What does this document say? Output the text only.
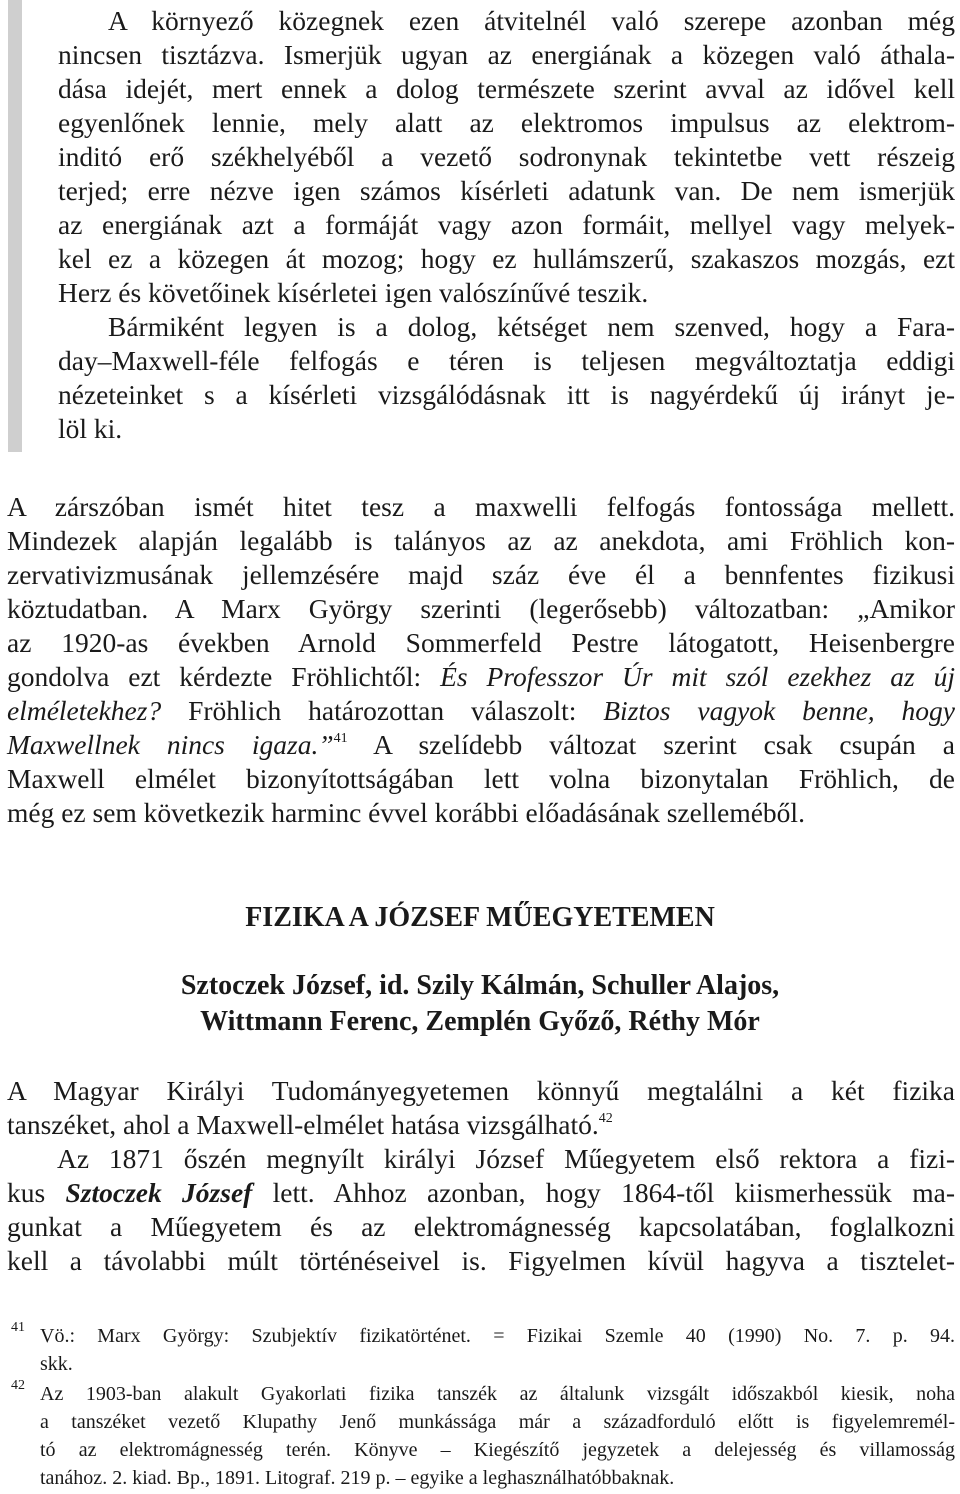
A környező közegnek ezen átvitelnél való szerepe azonban még
nincsen tisztázva. Ismerjük ugyan az energiának a közegen való áthala-
dása idejét, mert ennek a dolog természete szerint avval az idővel kell
egyenlőnek lennie, mely alatt az elektromos impulsus az elektrom-
inditó erő székhelyéből a vezető sodronynak tekintetbe vett részeig
terjed; erre nézve igen számos kísérleti adatunk van. De nem ismerjük
az energiának azt a formáját vagy azon formáit, mellyel vagy melyek-
kel ez a közegen át mozog; hogy ez hullámszerű, szakaszos mozgás, ezt
Herz és követőinek kísérletei igen valószínűvé teszik.
Bármiként legyen is a dolog, kétséget nem szenved, hogy a Fara-
day–Maxwell-féle felfogás e téren is teljesen megváltoztatja eddigi
nézeteinket s a kísérleti vizsgálódásnak itt is nagyérdekű új irányt je-
löl ki.
A zárszóban ismét hitet tesz a maxwelli felfogás fontossága mellett.
Mindezek alapján legalább is talányos az az anekdota, ami Fröhlich kon-
zervativizmusának jellemzésére majd száz éve él a bennfentes fizikusi
köztudatban. A Marx György szerinti (legerősebb) változatban: „Amikor
az 1920-as években Arnold Sommerfeld Pestre látogatott, Heisenbergre
gondolva ezt kérdezte Fröhlichtől: És Professzor Úr mit szól ezekhez az új
elméletekhez? Fröhlich határozottan válaszolt: Biztos vagyok benne, hogy
Maxwellnek nincs igaza.”$^{41}$ A szelídebb változat szerint csak csupán a
Maxwell elmélet bizonyítottságában lett volna bizonytalan Fröhlich, de
még ez sem következik harminc évvel korábbi előadásának szelleméből.
FIZIKA A JÓZSEF MŰEGYETEMEN
Sztoczek József, id. Szily Kálmán, Schuller Alajos,
Wittmann Ferenc, Zemplén Győző, Réthy Mór
A Magyar Királyi Tudományegyetemen könnyű megtalálni a két fizika
tanszéket, ahol a Maxwell-elmélet hatása vizsgálható.$^{42}$
Az 1871 őszén megnyílt királyi József Műegyetem első rektora a fizi-
kus Sztoczek József lett. Ahhoz azonban, hogy 1864-től kiismerhessük ma-
gunkat a Műegyetem és az elektromágnesség kapcsolatában, foglalkozni
kell a távolabbi múlt történéseivel is. Figyelmen kívül hagyva a tisztelet-
41 Vö.: Marx György: Szubjektív fizikatörténet. = Fizikai Szemle 40 (1990) No. 7. p. 94.
skk.
42 Az 1903-ban alakult Gyakorlati fizika tanszék az általunk vizsgált időszakból kiesik, noha
a tanszéket vezető Klupathy Jenő munkássága már a századforduló előtt is figyelemremél-
tó az elektromágnesség terén. Könyve – Kiegészítő jegyzetek a delejesség és villamosság
tanához. 2. kiad. Bp., 1891. Litograf. 219 p. – egyike a leghasználhatóbbaknak.
